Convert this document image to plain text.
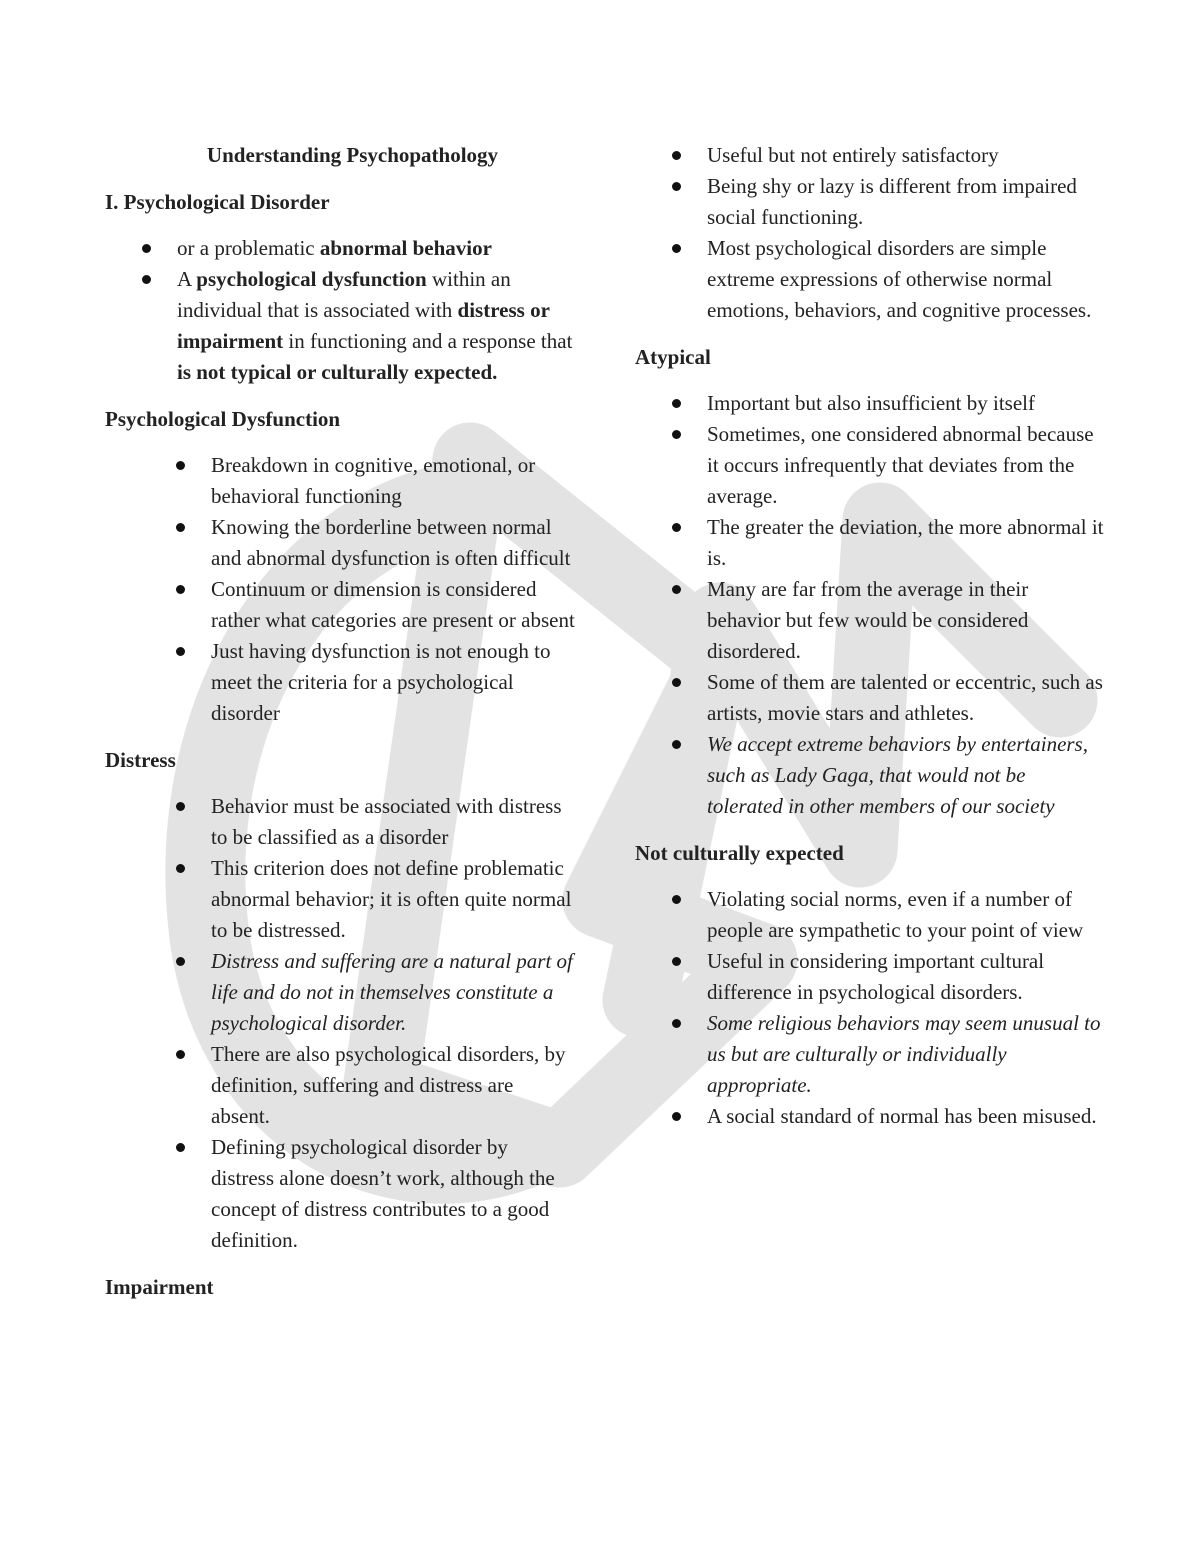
Understanding Psychopathology
I. Psychological Disorder
or a problematic abnormal behavior
A psychological dysfunction within an individual that is associated with distress or impairment in functioning and a response that is not typical or culturally expected.
Psychological Dysfunction
Breakdown in cognitive, emotional, or behavioral functioning
Knowing the borderline between normal and abnormal dysfunction is often difficult
Continuum or dimension is considered rather what categories are present or absent
Just having dysfunction is not enough to meet the criteria for a psychological disorder
Distress
Behavior must be associated with distress to be classified as a disorder
This criterion does not define problematic abnormal behavior; it is often quite normal to be distressed.
Distress and suffering are a natural part of life and do not in themselves constitute a psychological disorder.
There are also psychological disorders, by definition, suffering and distress are absent.
Defining psychological disorder by distress alone doesn’t work, although the concept of distress contributes to a good definition.
Impairment
Useful but not entirely satisfactory
Being shy or lazy is different from impaired social functioning.
Most psychological disorders are simple extreme expressions of otherwise normal emotions, behaviors, and cognitive processes.
Atypical
Important but also insufficient by itself
Sometimes, one considered abnormal because it occurs infrequently that deviates from the average.
The greater the deviation, the more abnormal it is.
Many are far from the average in their behavior but few would be considered disordered.
Some of them are talented or eccentric, such as artists, movie stars and athletes.
We accept extreme behaviors by entertainers, such as Lady Gaga, that would not be tolerated in other members of our society
Not culturally expected
Violating social norms, even if a number of people are sympathetic to your point of view
Useful in considering important cultural difference in psychological disorders.
Some religious behaviors may seem unusual to us but are culturally or individually appropriate.
A social standard of normal has been misused.
